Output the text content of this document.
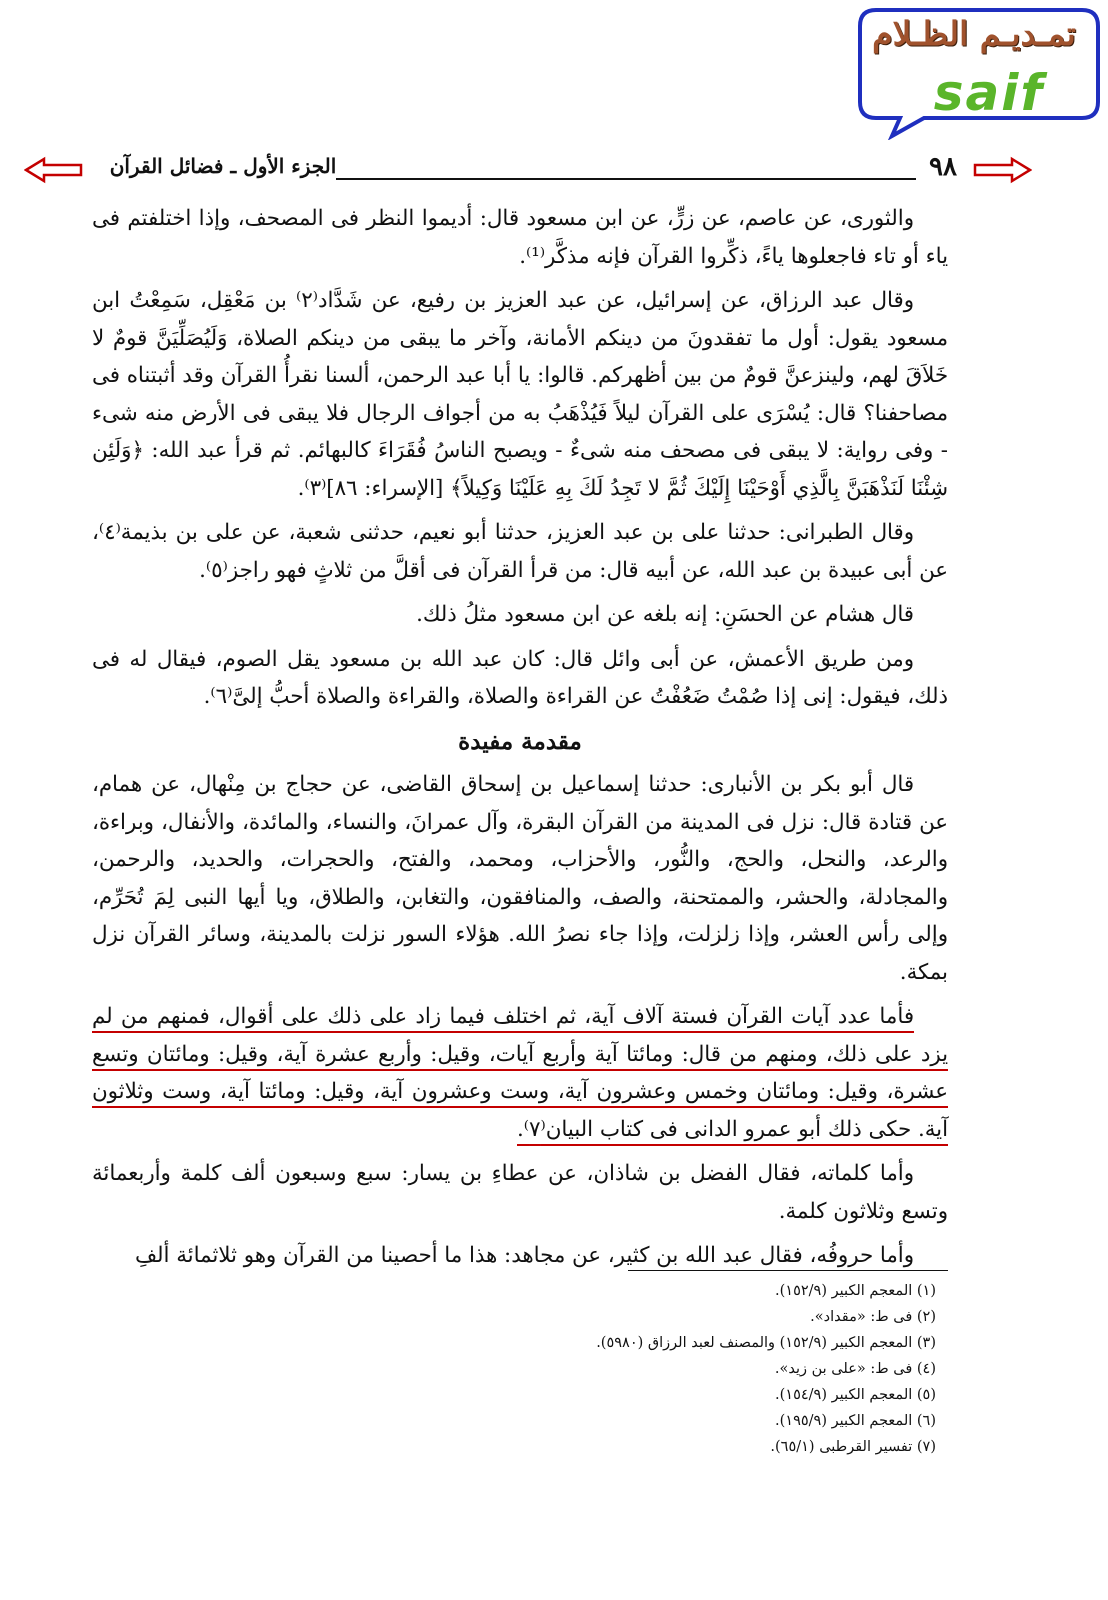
تمـديـم الظـلام
saif
الجزء الأول ـ فضائل القرآن	٩٨

والثورى، عن عاصم، عن زرٍّ، عن ابن مسعود قال: أديموا النظر فى المصحف، وإذا اختلفتم فى ياء أو تاء فاجعلوها ياءً، ذكِّروا القرآن فإنه مذكَّر⁽¹⁾.

وقال عبد الرزاق، عن إسرائيل، عن عبد العزيز بن رفيع، عن شَدَّاد⁽٢⁾ بن مَعْقِل، سَمِعْتُ ابن مسعود يقول: أول ما تفقدونَ من دينكم الأمانة، وآخر ما يبقى من دينكم الصلاة، وَلَيُصَلِّيَنَّ قومٌ لا خَلاَقَ لهم، ولينزعنَّ قومٌ من بين أظهركم. قالوا: يا أبا عبد الرحمن، ألسنا نقرأُ القرآن وقد أثبتناه فى مصاحفنا؟ قال: يُسْرَى على القرآن ليلاً فَيُذْهَبُ به من أجواف الرجال فلا يبقى فى الأرض منه شىء - وفى رواية: لا يبقى فى مصحف منه شىءٌ - ويصبح الناسُ فُقَرَاءَ كالبهائم. ثم قرأ عبد الله: ﴿وَلَئِن شِئْنَا لَنَذْهَبَنَّ بِالَّذِي أَوْحَيْنَا إِلَيْكَ ثُمَّ لا تَجِدُ لَكَ بِهِ عَلَيْنَا وَكِيلاً﴾ [الإسراء: ٨٦]⁽٣⁾.

وقال الطبرانى: حدثنا على بن عبد العزيز، حدثنا أبو نعيم، حدثنى شعبة، عن على بن بذيمة⁽٤⁾، عن أبى عبيدة بن عبد الله، عن أبيه قال: من قرأ القرآن فى أقلَّ من ثلاثٍ فهو راجز⁽٥⁾.

قال هشام عن الحسَنِ: إنه بلغه عن ابن مسعود مثلُ ذلك.

ومن طريق الأعمش، عن أبى وائل قال: كان عبد الله بن مسعود يقل الصوم، فيقال له فى ذلك، فيقول: إنى إذا صُمْتُ ضَعُفْتُ عن القراءة والصلاة، والقراءة والصلاة أحبُّ إلىَّ⁽٦⁾.

مقدمة مفيدة

قال أبو بكر بن الأنبارى: حدثنا إسماعيل بن إسحاق القاضى، عن حجاج بن مِنْهال، عن همام، عن قتادة قال: نزل فى المدينة من القرآن البقرة، وآل عمرانَ، والنساء، والمائدة، والأنفال، وبراءة، والرعد، والنحل، والحج، والنُّور، والأحزاب، ومحمد، والفتح، والحجرات، والحديد، والرحمن، والمجادلة، والحشر، والممتحنة، والصف، والمنافقون، والتغابن، والطلاق، ويا أيها النبى لِمَ تُحَرِّم، وإلى رأس العشر، وإذا زلزلت، وإذا جاء نصرُ الله. هؤلاء السور نزلت بالمدينة، وسائر القرآن نزل بمكة.

فأما عدد آيات القرآن فستة آلاف آية، ثم اختلف فيما زاد على ذلك على أقوال، فمنهم من لم يزد على ذلك، ومنهم من قال: ومائتا آية وأربع آيات، وقيل: وأربع عشرة آية، وقيل: ومائتان وتسع عشرة، وقيل: ومائتان وخمس وعشرون آية، وست وعشرون آية، وقيل: ومائتا آية، وست وثلاثون آية. حكى ذلك أبو عمرو الدانى فى كتاب البيان⁽٧⁾.

وأما كلماته، فقال الفضل بن شاذان، عن عطاءِ بن يسار: سبع وسبعون ألف كلمة وأربعمائة وتسع وثلاثون كلمة.

وأما حروفُه، فقال عبد الله بن كثير، عن مجاهد: هذا ما أحصينا من القرآن وهو ثلاثمائة ألفِ

(١) المعجم الكبير (١٥٢/٩).
(٢) فى ط: «مقداد».
(٣) المعجم الكبير (١٥٢/٩) والمصنف لعبد الرزاق (٥٩٨٠).
(٤) فى ط: «على بن زيد».
(٥) المعجم الكبير (١٥٤/٩).
(٦) المعجم الكبير (١٩٥/٩).
(٧) تفسير القرطبى (٦٥/١).
